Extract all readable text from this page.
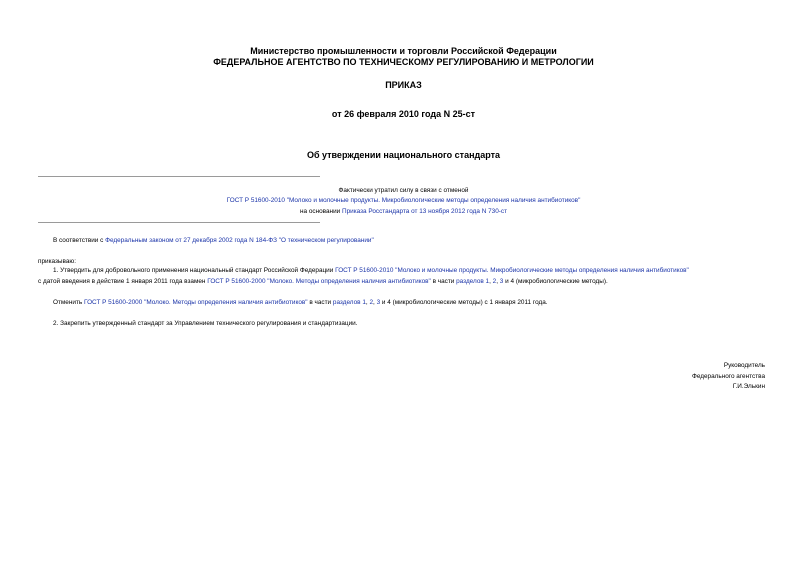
Министерство промышленности и торговли Российской Федерации
ФЕДЕРАЛЬНОЕ АГЕНТСТВО ПО ТЕХНИЧЕСКОМУ РЕГУЛИРОВАНИЮ И МЕТРОЛОГИИ
ПРИКАЗ
от 26 февраля 2010 года N 25-ст
Об утверждении национального стандарта
Фактически утратил силу в связи с отменой
ГОСТ Р 51600-2010 "Молоко и молочные продукты. Микробиологические методы определения наличия антибиотиков"
на основании Приказа Росстандарта от 13 ноября 2012 года N 730-ст
В соответствии с Федеральным законом от 27 декабря 2002 года N 184-ФЗ "О техническом регулировании"
приказываю:
1. Утвердить для добровольного применения национальный стандарт Российской Федерации ГОСТ Р 51600-2010 "Молоко и молочные продукты. Микробиологические методы определения наличия антибиотиков"
с датой введения в действие 1 января 2011 года взамен ГОСТ Р 51600-2000 "Молоко. Методы определения наличия антибиотиков" в части разделов 1, 2, 3 и 4 (микробиологические методы).
Отменить ГОСТ Р 51600-2000 "Молоко. Методы определения наличия антибиотиков" в части разделов 1, 2, 3 и 4 (микробиологические методы) с 1 января 2011 года.
2. Закрепить утвержденный стандарт за Управлением технического регулирования и стандартизации.
Руководитель
Федерального агентства
Г.И.Элькин
